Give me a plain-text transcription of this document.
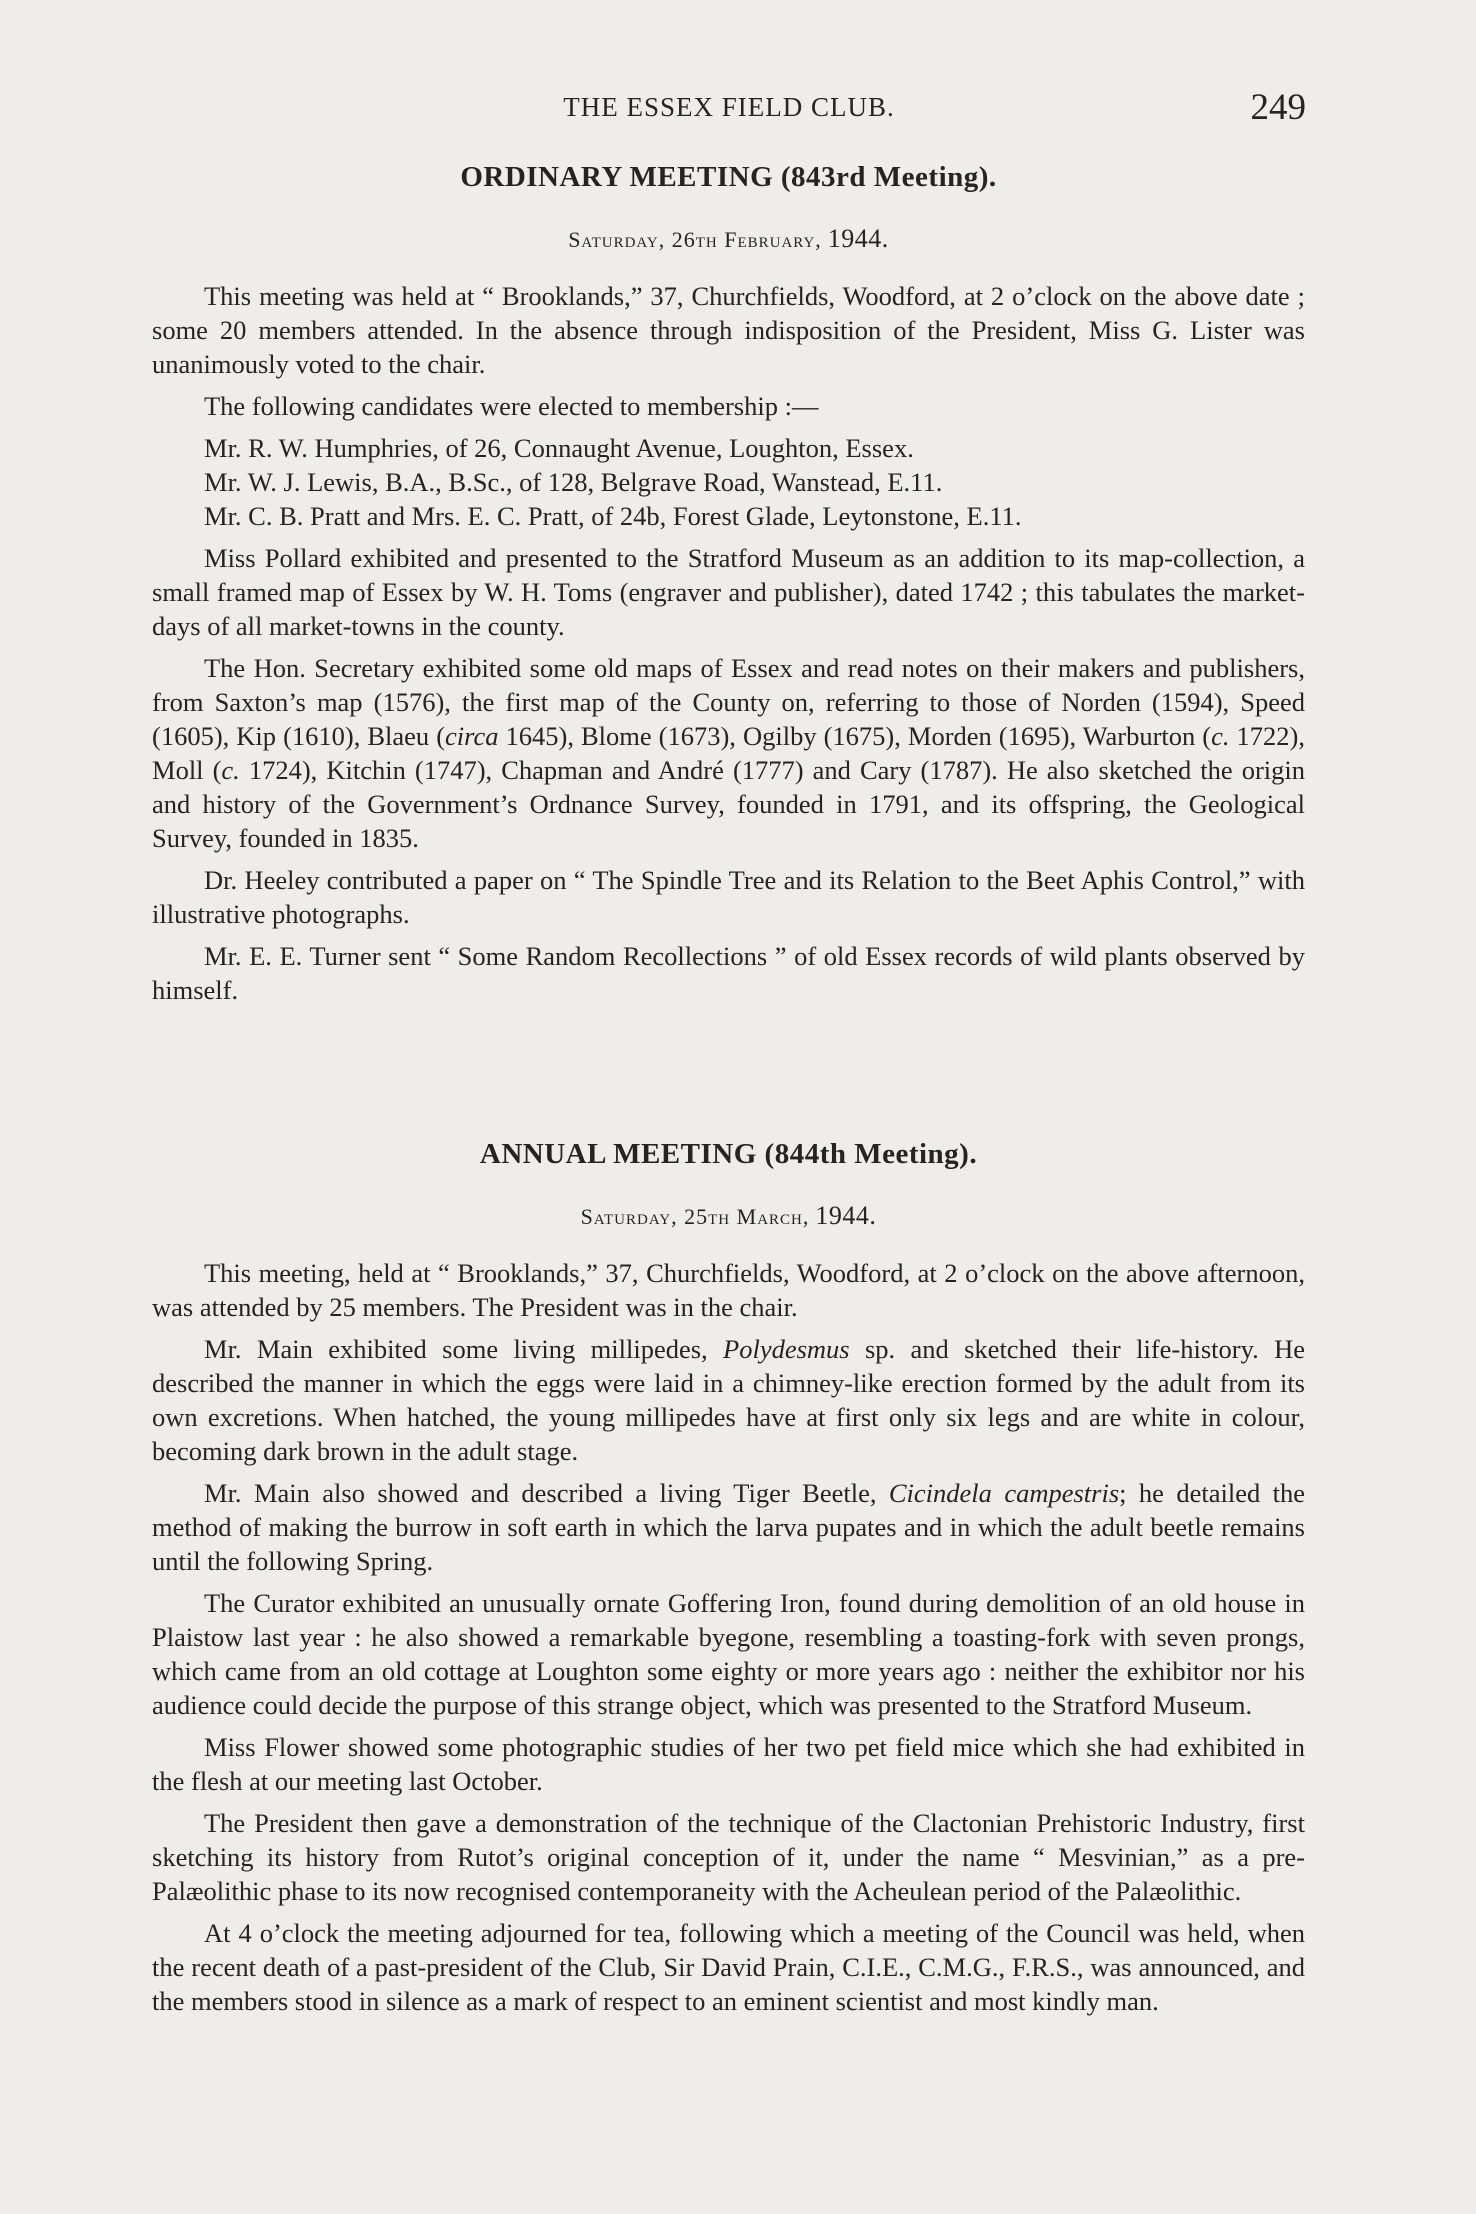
THE ESSEX FIELD CLUB.	249
ORDINARY MEETING (843rd Meeting).
Saturday, 26th February, 1944.

This meeting was held at “ Brooklands,” 37, Churchfields, Woodford, at 2 o’clock on the above date ; some 20 members attended. In the absence through indisposition of the President, Miss G. Lister was unanimously voted to the chair.

The following candidates were elected to membership :—

Mr. R. W. Humphries, of 26, Connaught Avenue, Loughton, Essex.
Mr. W. J. Lewis, B.A., B.Sc., of 128, Belgrave Road, Wanstead, E.11.
Mr. C. B. Pratt and Mrs. E. C. Pratt, of 24b, Forest Glade, Leytonstone, E.11.

Miss Pollard exhibited and presented to the Stratford Museum as an addition to its map-collection, a small framed map of Essex by W. H. Toms (engraver and publisher), dated 1742 ; this tabulates the market-days of all market-towns in the county.

The Hon. Secretary exhibited some old maps of Essex and read notes on their makers and publishers, from Saxton’s map (1576), the first map of the County on, referring to those of Norden (1594), Speed (1605), Kip (1610), Blaeu (circa 1645), Blome (1673), Ogilby (1675), Morden (1695), Warburton (c. 1722), Moll (c. 1724), Kitchin (1747), Chapman and André (1777) and Cary (1787). He also sketched the origin and history of the Government’s Ordnance Survey, founded in 1791, and its offspring, the Geological Survey, founded in 1835.

Dr. Heeley contributed a paper on “ The Spindle Tree and its Relation to the Beet Aphis Control,” with illustrative photographs.

Mr. E. E. Turner sent “ Some Random Recollections ” of old Essex records of wild plants observed by himself.

ANNUAL MEETING (844th Meeting).
Saturday, 25th March, 1944.

This meeting, held at “ Brooklands,” 37, Churchfields, Woodford, at 2 o’clock on the above afternoon, was attended by 25 members. The President was in the chair.

Mr. Main exhibited some living millipedes, Polydesmus sp. and sketched their life-history. He described the manner in which the eggs were laid in a chimney-like erection formed by the adult from its own excretions. When hatched, the young millipedes have at first only six legs and are white in colour, becoming dark brown in the adult stage.

Mr. Main also showed and described a living Tiger Beetle, Cicindela campestris; he detailed the method of making the burrow in soft earth in which the larva pupates and in which the adult beetle remains until the following Spring.

The Curator exhibited an unusually ornate Goffering Iron, found during demolition of an old house in Plaistow last year : he also showed a remarkable byegone, resembling a toasting-fork with seven prongs, which came from an old cottage at Loughton some eighty or more years ago : neither the exhibitor nor his audience could decide the purpose of this strange object, which was presented to the Stratford Museum.

Miss Flower showed some photographic studies of her two pet field mice which she had exhibited in the flesh at our meeting last October.

The President then gave a demonstration of the technique of the Clactonian Prehistoric Industry, first sketching its history from Rutot’s original conception of it, under the name “ Mesvinian,” as a pre-Palæolithic phase to its now recognised contemporaneity with the Acheulean period of the Palæolithic.

At 4 o’clock the meeting adjourned for tea, following which a meeting of the Council was held, when the recent death of a past-president of the Club, Sir David Prain, C.I.E., C.M.G., F.R.S., was announced, and the members stood in silence as a mark of respect to an eminent scientist and most kindly man.
